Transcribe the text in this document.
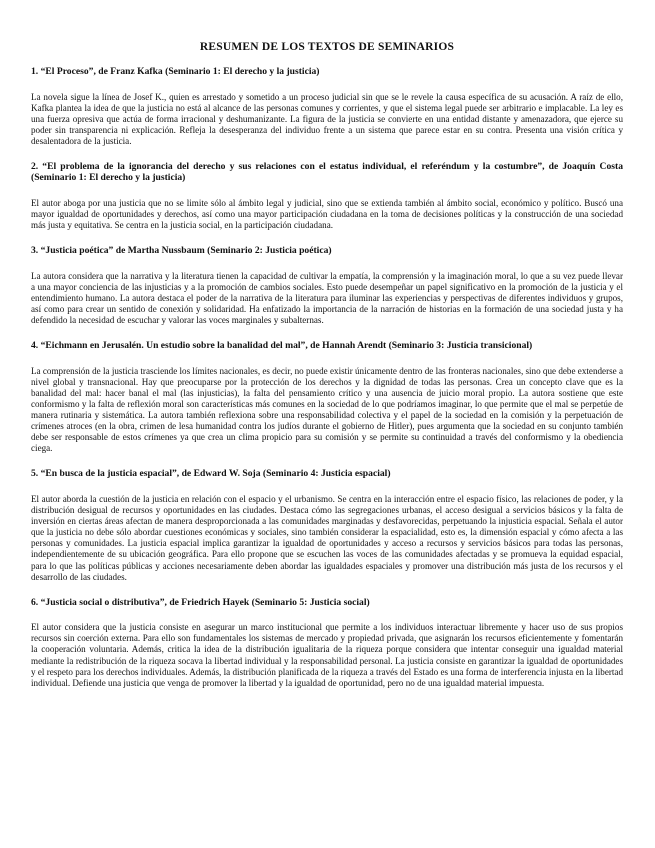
RESUMEN DE LOS TEXTOS DE SEMINARIOS
1. “El Proceso”, de Franz Kafka (Seminario 1: El derecho y la justicia)
La novela sigue la línea de Josef K., quien es arrestado y sometido a un proceso judicial sin que se le revele la causa específica de su acusación. A raíz de ello, Kafka plantea la idea de que la justicia no está al alcance de las personas comunes y corrientes, y que el sistema legal puede ser arbitrario e implacable. La ley es una fuerza opresiva que actúa de forma irracional y deshumanizante. La figura de la justicia se convierte en una entidad distante y amenazadora, que ejerce su poder sin transparencia ni explicación. Refleja la desesperanza del individuo frente a un sistema que parece estar en su contra. Presenta una visión crítica y desalentadora de la justicia.
2. “El problema de la ignorancia del derecho y sus relaciones con el estatus individual, el referéndum y la costumbre”, de Joaquín Costa (Seminario 1: El derecho y la justicia)
El autor aboga por una justicia que no se limite sólo al ámbito legal y judicial, sino que se extienda también al ámbito social, económico y político. Buscó una mayor igualdad de oportunidades y derechos, así como una mayor participación ciudadana en la toma de decisiones políticas y la construcción de una sociedad más justa y equitativa. Se centra en la justicia social, en la participación ciudadana.
3. “Justicia poética” de Martha Nussbaum (Seminario 2: Justicia poética)
La autora considera que la narrativa y la literatura tienen la capacidad de cultivar la empatía, la comprensión y la imaginación moral, lo que a su vez puede llevar a una mayor conciencia de las injusticias y a la promoción de cambios sociales. Esto puede desempeñar un papel significativo en la promoción de la justicia y el entendimiento humano. La autora destaca el poder de la narrativa de la literatura para iluminar las experiencias y perspectivas de diferentes individuos y grupos, así como para crear un sentido de conexión y solidaridad. Ha enfatizado la importancia de la narración de historias en la formación de una sociedad justa y ha defendido la necesidad de escuchar y valorar las voces marginales y subalternas.
4. “Eichmann en Jerusalén. Un estudio sobre la banalidad del mal”, de Hannah Arendt (Seminario 3: Justicia transicional)
La comprensión de la justicia trasciende los límites nacionales, es decir, no puede existir únicamente dentro de las fronteras nacionales, sino que debe extenderse a nivel global y transnacional. Hay que preocuparse por la protección de los derechos y la dignidad de todas las personas. Crea un concepto clave que es la banalidad del mal: hacer banal el mal (las injusticias), la falta del pensamiento crítico y una ausencia de juicio moral propio. La autora sostiene que este conformismo y la falta de reflexión moral son características más comunes en la sociedad de lo que podríamos imaginar, lo que permite que el mal se perpetúe de manera rutinaria y sistemática. La autora también reflexiona sobre una responsabilidad colectiva y el papel de la sociedad en la comisión y la perpetuación de crímenes atroces (en la obra, crimen de lesa humanidad contra los judíos durante el gobierno de Hitler), pues argumenta que la sociedad en su conjunto también debe ser responsable de estos crímenes ya que crea un clima propicio para su comisión y se permite su continuidad a través del conformismo y la obediencia ciega.
5. “En busca de la justicia espacial”, de Edward W. Soja (Seminario 4: Justicia espacial)
El autor aborda la cuestión de la justicia en relación con el espacio y el urbanismo. Se centra en la interacción entre el espacio físico, las relaciones de poder, y la distribución desigual de recursos y oportunidades en las ciudades. Destaca cómo las segregaciones urbanas, el acceso desigual a servicios básicos y la falta de inversión en ciertas áreas afectan de manera desproporcionada a las comunidades marginadas y desfavorecidas, perpetuando la injusticia espacial. Señala el autor que la justicia no debe sólo abordar cuestiones económicas y sociales, sino también considerar la espacialidad, esto es, la dimensión espacial y cómo afecta a las personas y comunidades. La justicia espacial implica garantizar la igualdad de oportunidades y acceso a recursos y servicios básicos para todas las personas, independientemente de su ubicación geográfica. Para ello propone que se escuchen las voces de las comunidades afectadas y se promueva la equidad espacial, para lo que las políticas públicas y acciones necesariamente deben abordar las igualdades espaciales y promover una distribución más justa de los recursos y el desarrollo de las ciudades.
6. “Justicia social o distributiva”, de Friedrich Hayek (Seminario 5: Justicia social)
El autor considera que la justicia consiste en asegurar un marco institucional que permite a los individuos interactuar libremente y hacer uso de sus propios recursos sin coerción externa. Para ello son fundamentales los sistemas de mercado y propiedad privada, que asignarán los recursos eficientemente y fomentarán la cooperación voluntaria. Además, critica la idea de la distribución igualitaria de la riqueza porque considera que intentar conseguir una igualdad material mediante la redistribución de la riqueza socava la libertad individual y la responsabilidad personal. La justicia consiste en garantizar la igualdad de oportunidades y el respeto para los derechos individuales. Además, la distribución planificada de la riqueza a través del Estado es una forma de interferencia injusta en la libertad individual. Defiende una justicia que venga de promover la libertad y la igualdad de oportunidad, pero no de una igualdad material impuesta.
